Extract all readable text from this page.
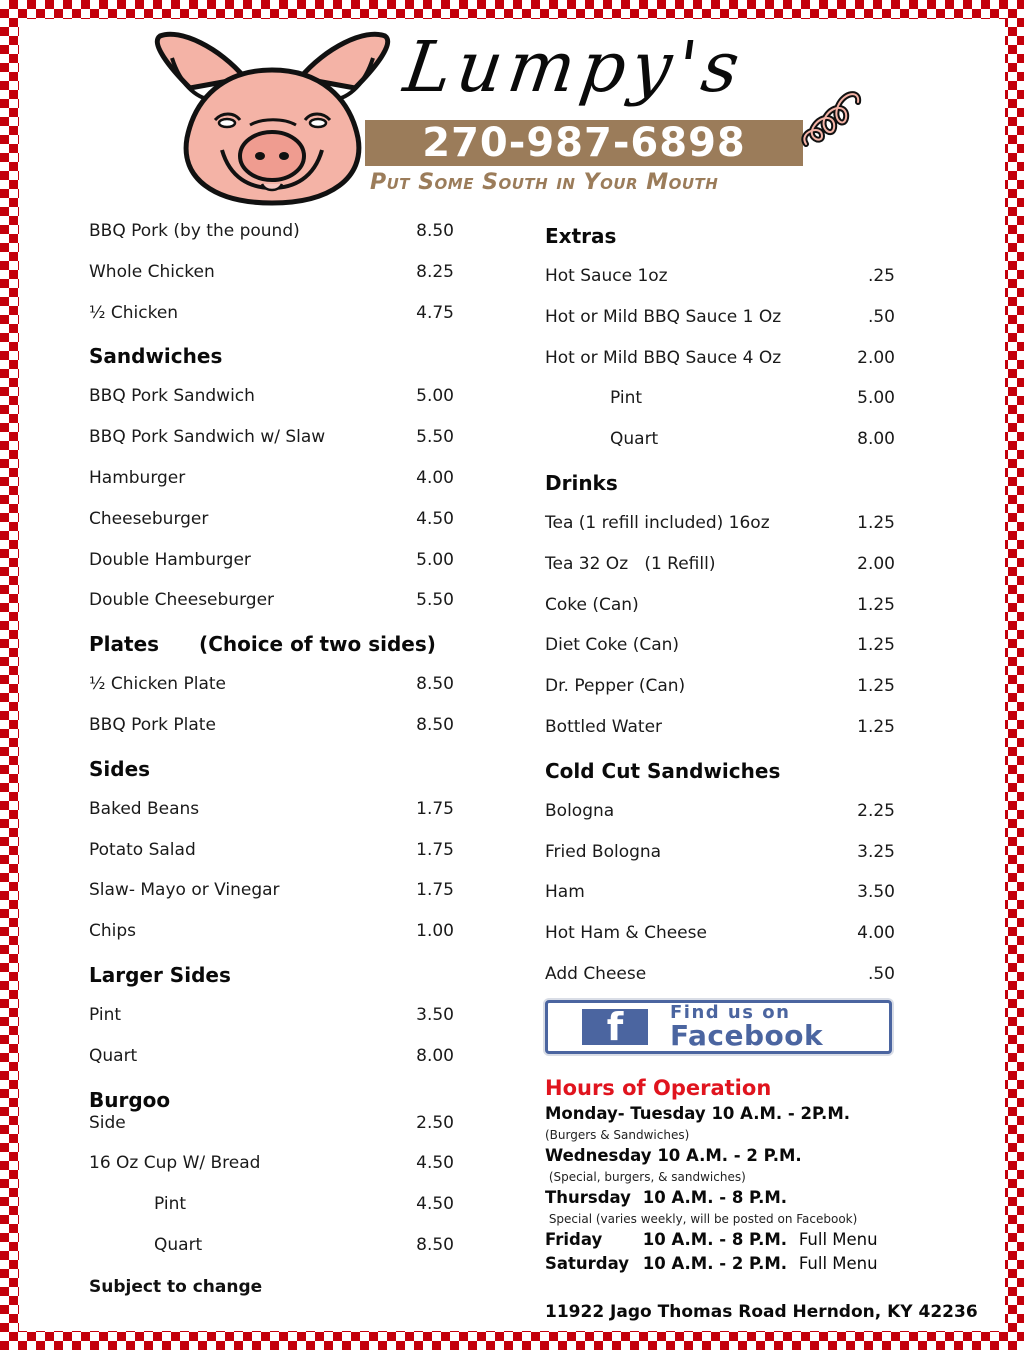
Lumpy's
270-987-6898
Put Some South in Your Mouth
BBQ Pork (by the pound)	8.50
Whole Chicken	8.25
½ Chicken	4.75
Sandwiches
BBQ Pork Sandwich	5.00
BBQ Pork Sandwich w/ Slaw	5.50
Hamburger	4.00
Cheeseburger	4.50
Double Hamburger	5.00
Double Cheeseburger	5.50
Plates (Choice of two sides)
½ Chicken Plate	8.50
BBQ Pork Plate	8.50
Sides
Baked Beans	1.75
Potato Salad	1.75
Slaw- Mayo or Vinegar	1.75
Chips	1.00
Larger Sides
Pint	3.50
Quart	8.00
Burgoo
Side	2.50
16 Oz Cup W/ Bread	4.50
Pint	4.50
Quart	8.50
Subject to change
Extras
Hot Sauce 1oz	.25
Hot or Mild BBQ Sauce 1 Oz	.50
Hot or Mild BBQ Sauce 4 Oz	2.00
Pint	5.00
Quart	8.00
Drinks
Tea (1 refill included) 16oz	1.25
Tea 32 Oz   (1 Refill)	2.00
Coke (Can)	1.25
Diet Coke (Can)	1.25
Dr. Pepper (Can)	1.25
Bottled Water	1.25
Cold Cut Sandwiches
Bologna	2.25
Fried Bologna	3.25
Ham	3.50
Hot Ham & Cheese	4.00
Add Cheese	.50
f	Find us on
Facebook
Hours of Operation
Monday- Tuesday 10 A.M. - 2P.M.
(Burgers & Sandwiches)
Wednesday 10 A.M. - 2 P.M.
(Special, burgers, & sandwiches)
Thursday 10 A.M. - 8 P.M.
Special (varies weekly, will be posted on Facebook)
Friday 10 A.M. - 8 P.M. Full Menu
Saturday 10 A.M. - 2 P.M. Full Menu
11922 Jago Thomas Road Herndon, KY 42236
